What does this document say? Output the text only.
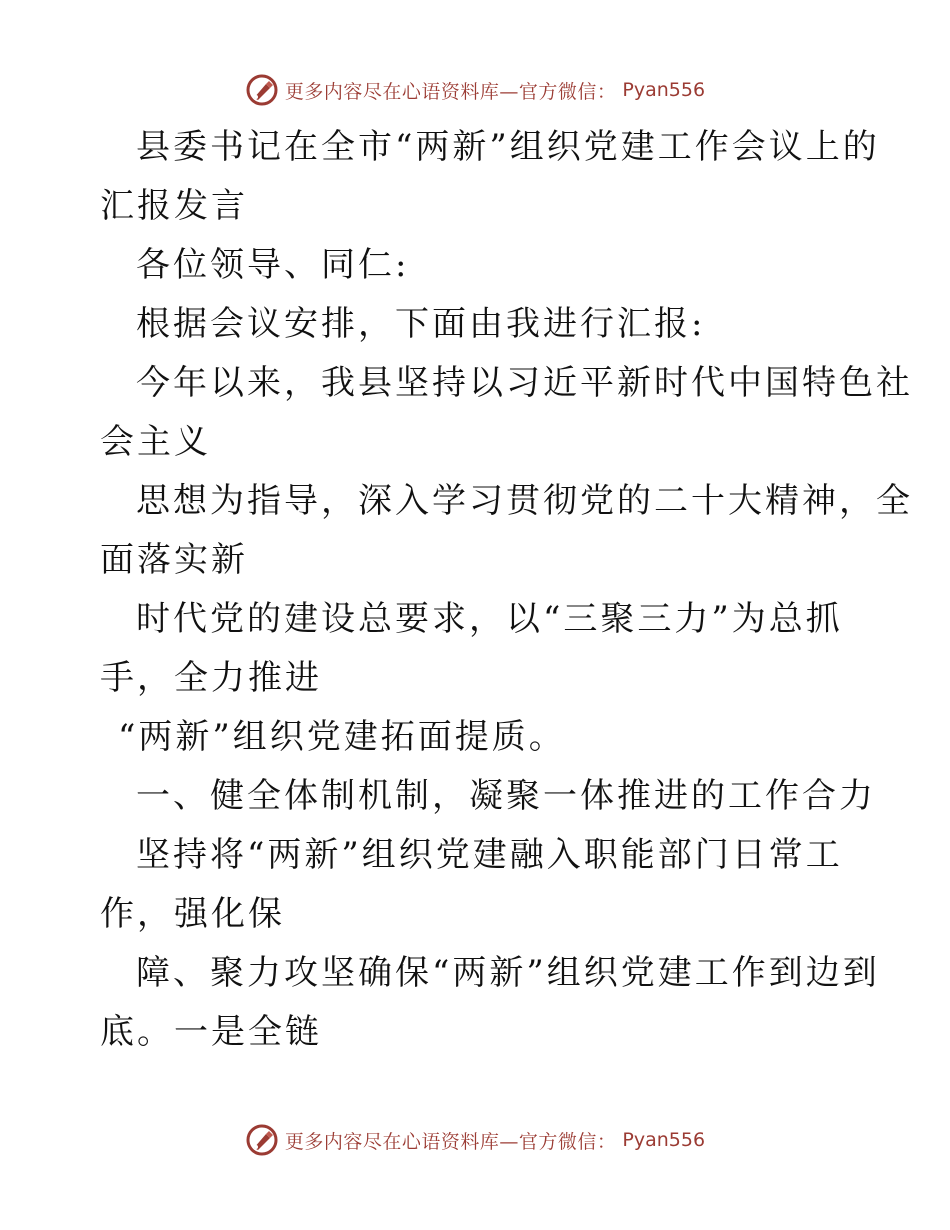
更多内容尽在心语资料库—官方微信： Pyan556
县委书记在全市“两新”组织党建工作会议上的
汇报发言
各位领导、同仁:
根据会议安排，下面由我进行汇报:
今年以来，我县坚持以习近平新时代中国特色社
会主义
思想为指导，深入学习贯彻党的二十大精神，全
面落实新
时代党的建设总要求，以“三聚三力”为总抓
手，全力推进
“两新”组织党建拓面提质。
一、健全体制机制，凝聚一体推进的工作合力
坚持将“两新”组织党建融入职能部门日常工
作，强化保
障、聚力攻坚确保“两新”组织党建工作到边到
底。一是全链
更多内容尽在心语资料库—官方微信： Pyan556
